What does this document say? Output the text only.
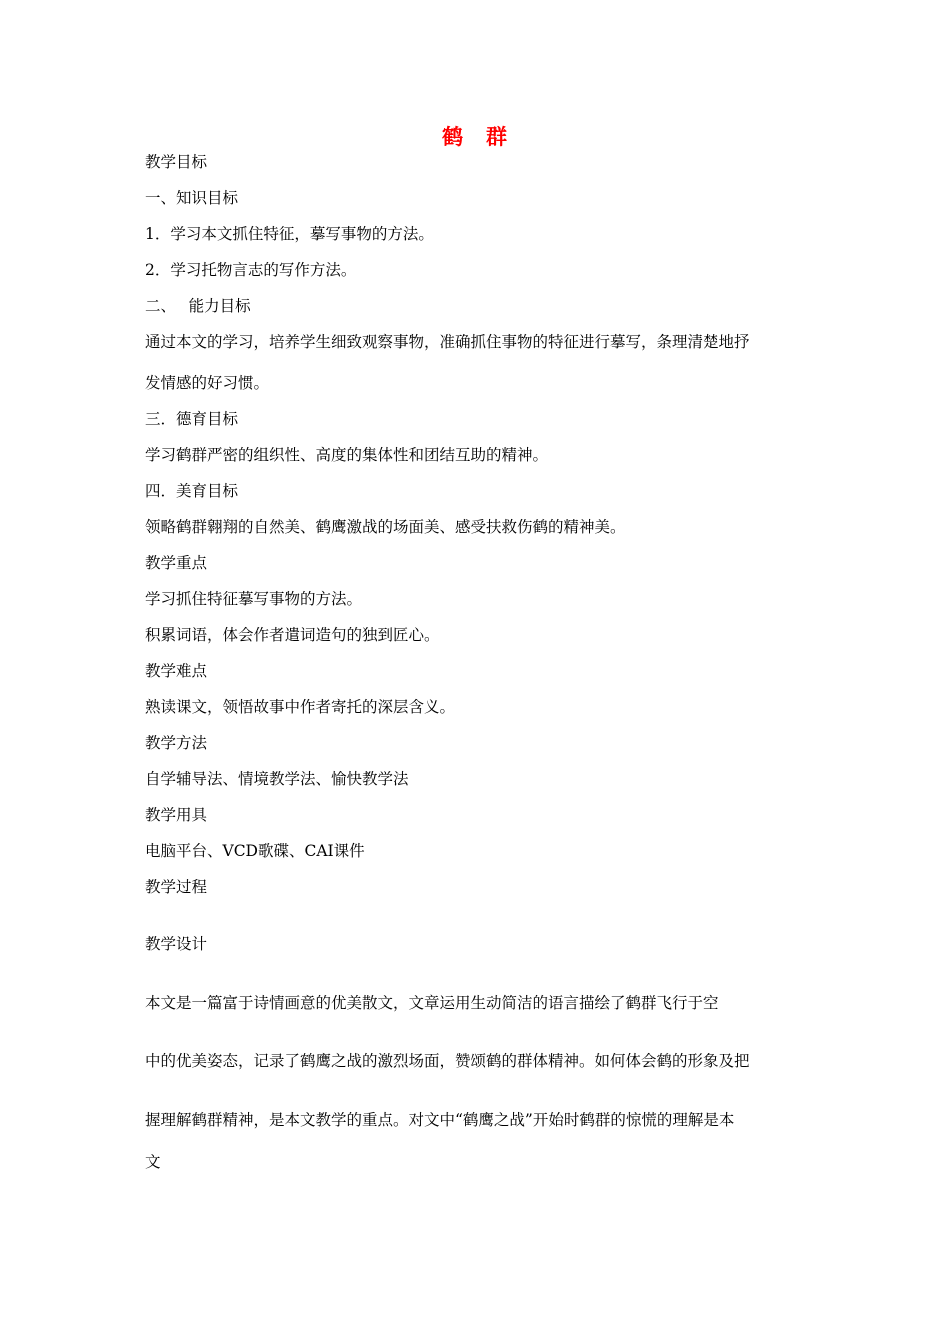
鹤　群

教学目标

一、知识目标

1．学习本文抓住特征，摹写事物的方法。

2．学习托物言志的写作方法。

二、　 能力目标

通过本文的学习，培养学生细致观察事物，准确抓住事物的特征进行摹写，条理清楚地抒

发情感的好习惯。

三．德育目标

学习鹤群严密的组织性、高度的集体性和团结互助的精神。

四．美育目标

领略鹤群翱翔的自然美、鹤鹰激战的场面美、感受扶救伤鹤的精神美。

教学重点

学习抓住特征摹写事物的方法。

积累词语，体会作者遣词造句的独到匠心。

教学难点

熟读课文，领悟故事中作者寄托的深层含义。

教学方法

自学辅导法、情境教学法、愉快教学法

教学用具

电脑平台、VCD歌碟、CAI课件

教学过程

教学设计

本文是一篇富于诗情画意的优美散文，文章运用生动简洁的语言描绘了鹤群飞行于空

中的优美姿态，记录了鹤鹰之战的激烈场面，赞颂鹤的群体精神。如何体会鹤的形象及把

握理解鹤群精神，是本文教学的重点。对文中“鹤鹰之战”开始时鹤群的惊慌的理解是本

文
